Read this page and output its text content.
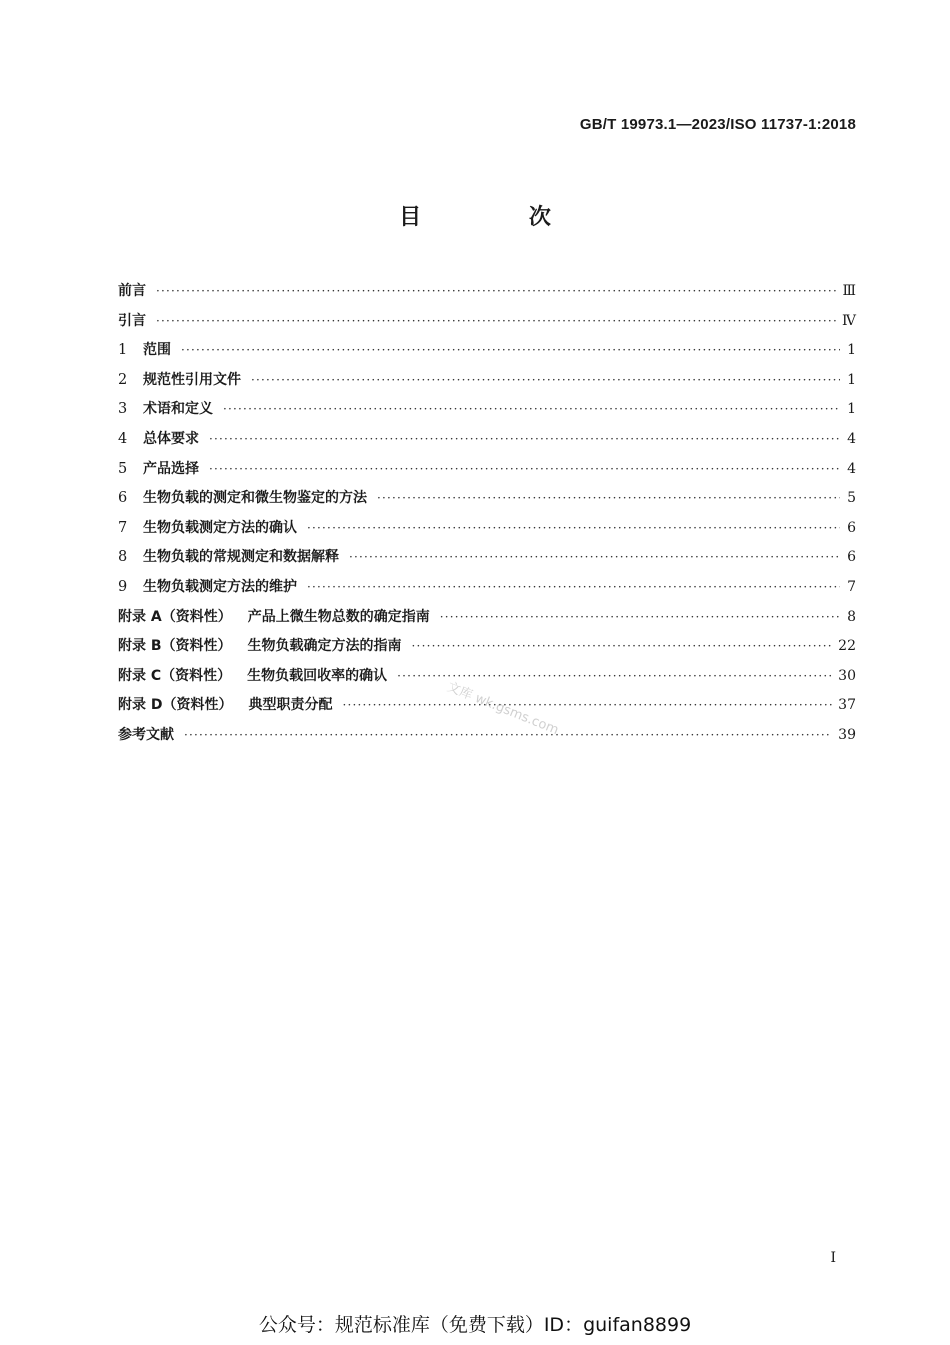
GB/T 19973.1—2023/ISO 11737-1:2018
目 次
前言 ·····	Ⅲ
引言 ·····	Ⅳ
1	范围 ·····	1
2	规范性引用文件 ·····	1
3	术语和定义 ·····	1
4	总体要求 ·····	4
5	产品选择 ·····	4
6	生物负载的测定和微生物鉴定的方法 ·····	5
7	生物负载测定方法的确认 ·····	6
8	生物负载的常规测定和数据解释 ·····	6
9	生物负载测定方法的维护 ·····	7
附录 A（资料性） 产品上微生物总数的确定指南 ·····	8
附录 B（资料性） 生物负载确定方法的指南 ·····	22
附录 C（资料性） 生物负载回收率的确认 ·····	30
附录 D（资料性） 典型职责分配 ·····	37
参考文献 ·····	39
文库 wk.gsms.com
I
公众号：规范标准库（免费下载）ID：guifan8899
